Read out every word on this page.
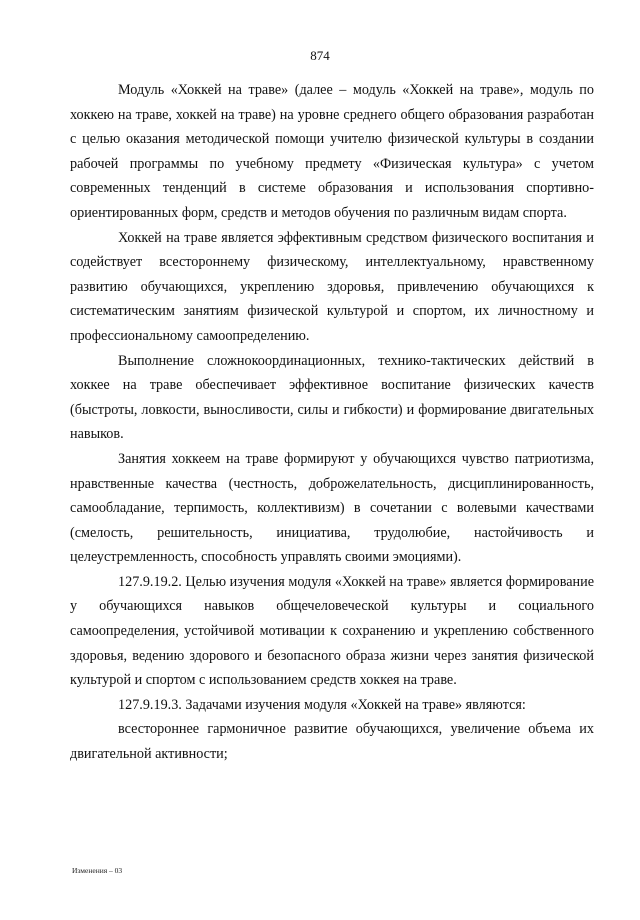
874

Модуль «Хоккей на траве» (далее – модуль «Хоккей на траве», модуль по хоккею на траве, хоккей на траве) на уровне среднего общего образования разработан с целью оказания методической помощи учителю физической культуры в создании рабочей программы по учебному предмету «Физическая культура» с учетом современных тенденций в системе образования и использования спортивно-ориентированных форм, средств и методов обучения по различным видам спорта.

Хоккей на траве является эффективным средством физического воспитания и содействует всестороннему физическому, интеллектуальному, нравственному развитию обучающихся, укреплению здоровья, привлечению обучающихся к систематическим занятиям физической культурой и спортом, их личностному и профессиональному самоопределению.

Выполнение сложнокоординационных, технико-тактических действий в хоккее на траве обеспечивает эффективное воспитание физических качеств (быстроты, ловкости, выносливости, силы и гибкости) и формирование двигательных навыков.

Занятия хоккеем на траве формируют у обучающихся чувство патриотизма, нравственные качества (честность, доброжелательность, дисциплинированность, самообладание, терпимость, коллективизм) в сочетании с волевыми качествами (смелость, решительность, инициатива, трудолюбие, настойчивость и целеустремленность, способность управлять своими эмоциями).

127.9.19.2. Целью изучения модуля «Хоккей на траве» является формирование у обучающихся навыков общечеловеческой культуры и социального самоопределения, устойчивой мотивации к сохранению и укреплению собственного здоровья, ведению здорового и безопасного образа жизни через занятия физической культурой и спортом с использованием средств хоккея на траве.

127.9.19.3. Задачами изучения модуля «Хоккей на траве» являются:

всестороннее гармоничное развитие обучающихся, увеличение объема их двигательной активности;

Изменения – 03
